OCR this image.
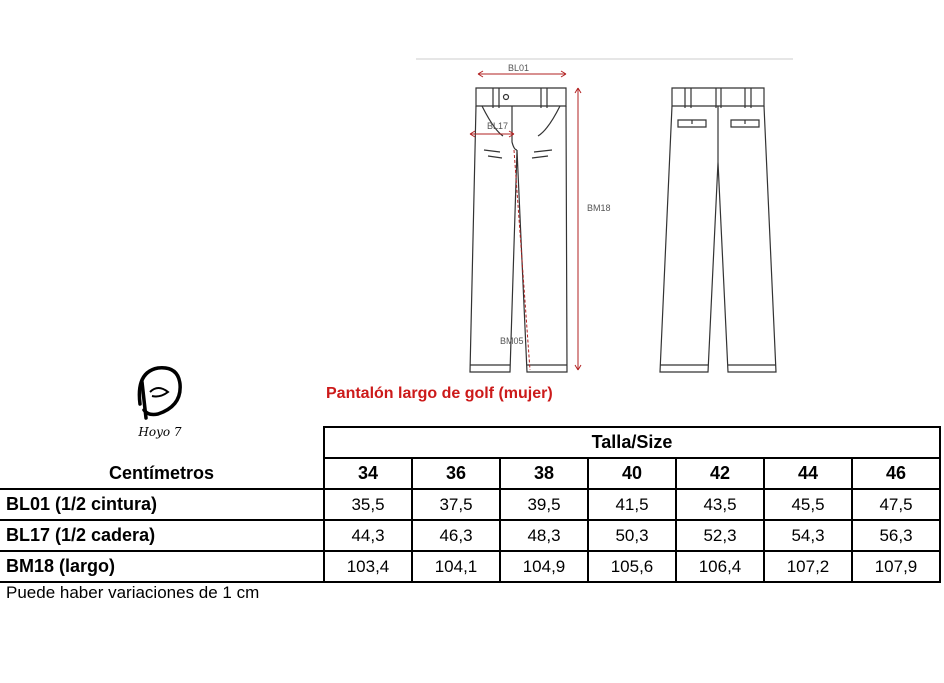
BL01
BL17
BM18
BM05
Hoyo 7
Pantalón largo de golf (mujer)
	Talla/Size						
Centímetros	34	36	38	40	42	44	46
BL01 (1/2 cintura)	35,5	37,5	39,5	41,5	43,5	45,5	47,5
BL17 (1/2 cadera)	44,3	46,3	48,3	50,3	52,3	54,3	56,3
BM18 (largo)	103,4	104,1	104,9	105,6	106,4	107,2	107,9
Puede haber variaciones de 1 cm
